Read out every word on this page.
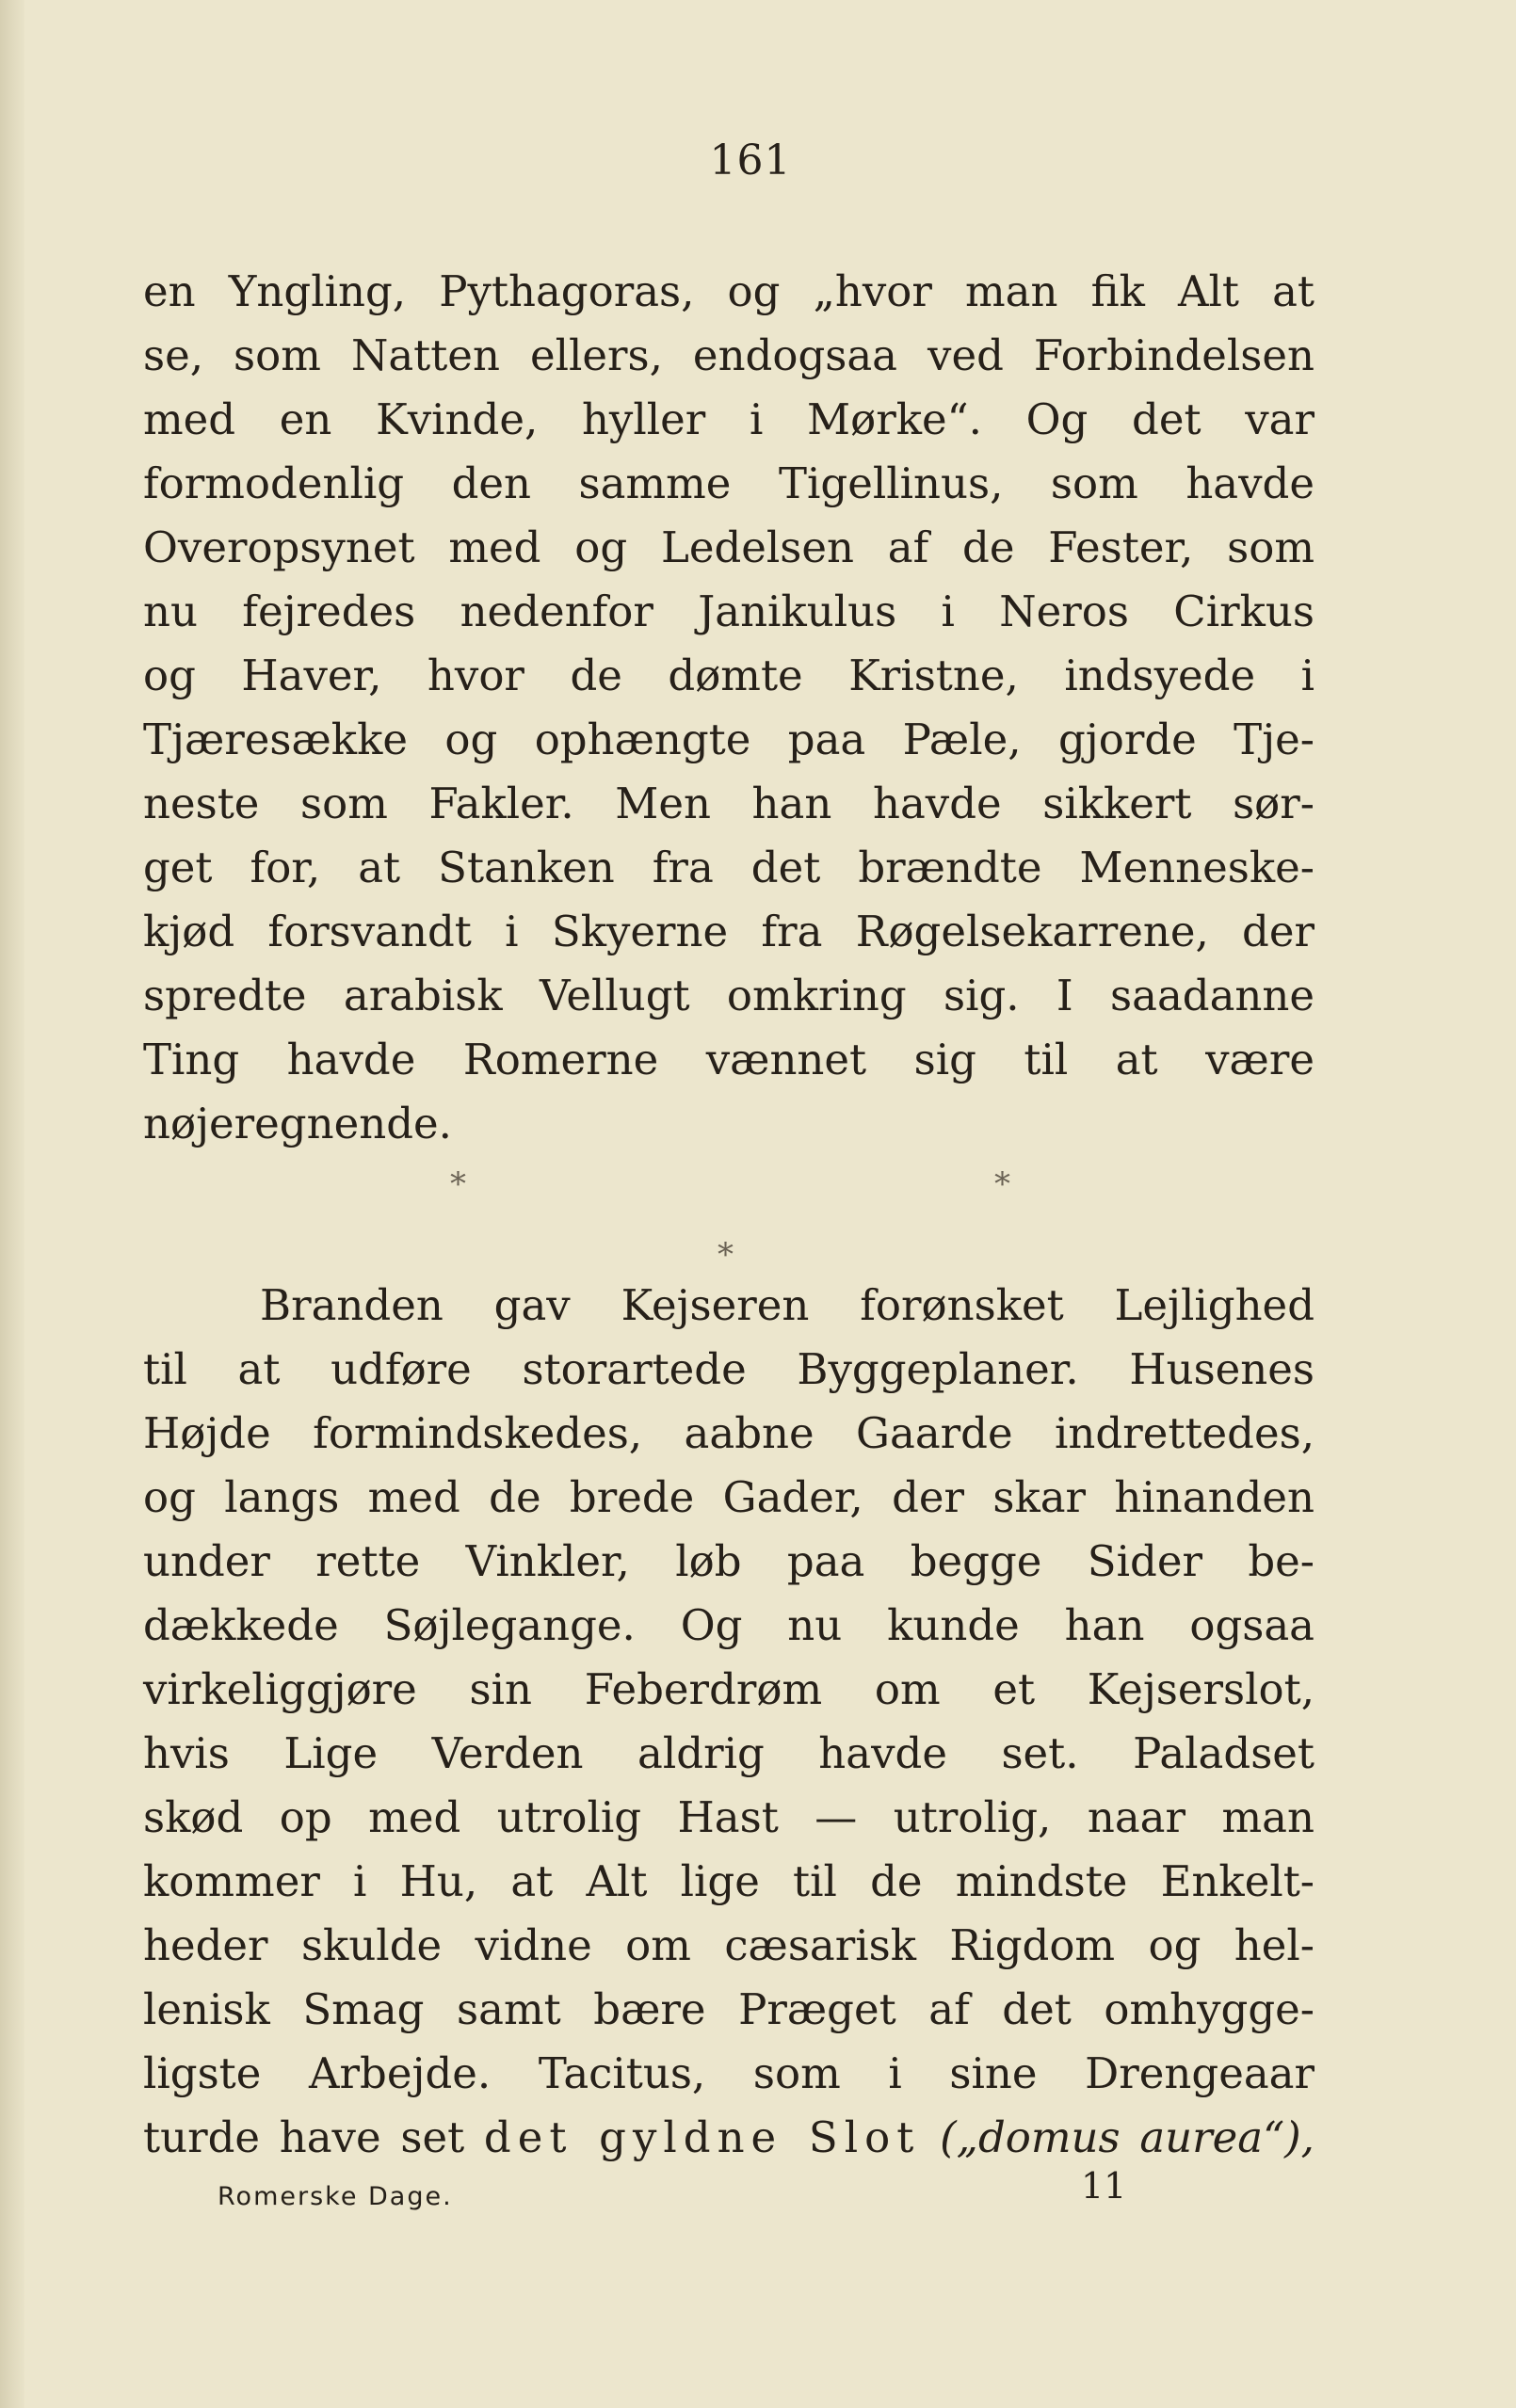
161
en Yngling, Pythagoras, og „hvor man fik Alt at
se, som Natten ellers, endogsaa ved Forbindelsen
med en Kvinde, hyller i Mørke“. Og det var
formodenlig den samme Tigellinus, som havde
Overopsynet med og Ledelsen af de Fester, som
nu fejredes nedenfor Janikulus i Neros Cirkus
og Haver, hvor de dømte Kristne, indsyede i
Tjæresække og ophængte paa Pæle, gjorde Tje-
neste som Fakler. Men han havde sikkert sør-
get for, at Stanken fra det brændte Menneske-
kjød forsvandt i Skyerne fra Røgelsekarrene, der
spredte arabisk Vellugt omkring sig. I saadanne
Ting havde Romerne vænnet sig til at være
nøjeregnende.
*	*
*
Branden gav Kejseren forønsket Lejlighed
til at udføre storartede Byggeplaner. Husenes
Højde formindskedes, aabne Gaarde indrettedes,
og langs med de brede Gader, der skar hinanden
under rette Vinkler, løb paa begge Sider be-
dækkede Søjlegange. Og nu kunde han ogsaa
virkeliggjøre sin Feberdrøm om et Kejserslot,
hvis Lige Verden aldrig havde set. Paladset
skød op med utrolig Hast — utrolig, naar man
kommer i Hu, at Alt lige til de mindste Enkelt-
heder skulde vidne om cæsarisk Rigdom og hel-
lenisk Smag samt bære Præget af det omhygge-
ligste Arbejde. Tacitus, som i sine Drengeaar
turde have set det gyldne Slot („domus aurea“),
Romerske Dage.	11
